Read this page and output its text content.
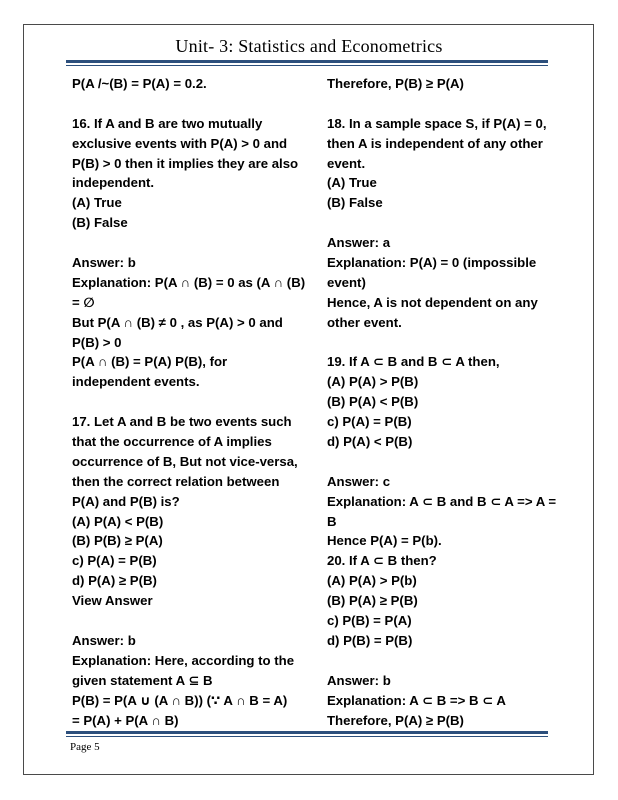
Unit- 3: Statistics and Econometrics
P(A /~(B) = P(A) = 0.2.
16. If A and B are two mutually
exclusive events with P(A) > 0 and
P(B) > 0 then it implies they are also
independent.
(A) True
(B) False
Answer: b
Explanation: P(A ∩ (B) = 0 as (A ∩ (B)
= ∅
But P(A ∩ (B) ≠ 0 , as P(A) > 0 and
P(B) > 0
P(A ∩ (B) = P(A) P(B), for
independent events.
17. Let A and B be two events such
that the occurrence of A implies
occurrence of B, But not vice-versa,
then the correct relation between
P(A) and P(B) is?
(A) P(A) < P(B)
(B) P(B) ≥ P(A)
c) P(A) = P(B)
d) P(A) ≥ P(B)
View Answer
Answer: b
Explanation: Here, according to the
given statement A ⊆ B
P(B) = P(A ∪ (A ∩ B)) (∵ A ∩ B = A)
= P(A) + P(A ∩ B)
Therefore, P(B) ≥ P(A)
18. In a sample space S, if P(A) = 0,
then A is independent of any other
event.
(A) True
(B) False
Answer: a
Explanation: P(A) = 0 (impossible
event)
Hence, A is not dependent on any
other event.
19. If A ⊂ B and B ⊂ A then,
(A) P(A) > P(B)
(B) P(A) < P(B)
c) P(A) = P(B)
d) P(A) < P(B)
Answer: c
Explanation: A ⊂ B and B ⊂ A => A =
B
Hence P(A) = P(b).
20. If A ⊂ B then?
(A) P(A) > P(b)
(B) P(A) ≥ P(B)
c) P(B) = P(A)
d) P(B) = P(B)
Answer: b
Explanation: A ⊂ B => B ⊂ A
Therefore, P(A) ≥ P(B)
Page 5
